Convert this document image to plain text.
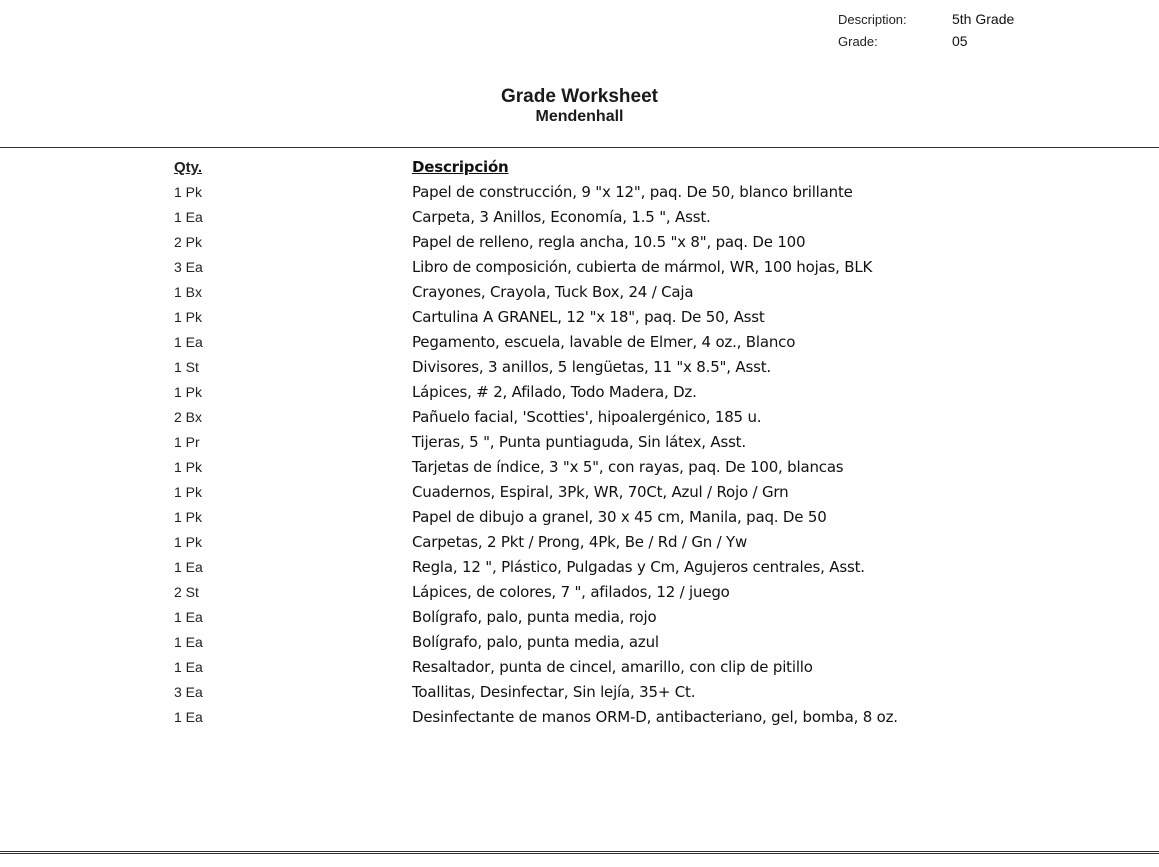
Description:	5th Grade
Grade:	05
Grade Worksheet
Mendenhall
Qty.	Descripción
1 Pk	Papel de construcción, 9 "x 12", paq. De 50, blanco brillante
1 Ea	Carpeta, 3 Anillos, Economía, 1.5 ", Asst.
2 Pk	Papel de relleno, regla ancha, 10.5 "x 8", paq. De 100
3 Ea	Libro de composición, cubierta de mármol, WR, 100 hojas, BLK
1 Bx	Crayones, Crayola, Tuck Box, 24 / Caja
1 Pk	Cartulina A GRANEL, 12 "x 18", paq. De 50, Asst
1 Ea	Pegamento, escuela, lavable de Elmer, 4 oz., Blanco
1 St	Divisores, 3 anillos, 5 lengüetas, 11 "x 8.5", Asst.
1 Pk	Lápices, # 2, Afilado, Todo Madera, Dz.
2 Bx	Pañuelo facial, 'Scotties', hipoalergénico, 185 u.
1 Pr	Tijeras, 5 ", Punta puntiaguda, Sin látex, Asst.
1 Pk	Tarjetas de índice, 3 "x 5", con rayas, paq. De 100, blancas
1 Pk	Cuadernos, Espiral, 3Pk, WR, 70Ct, Azul / Rojo / Grn
1 Pk	Papel de dibujo a granel, 30 x 45 cm, Manila, paq. De 50
1 Pk	Carpetas, 2 Pkt / Prong, 4Pk, Be / Rd / Gn / Yw
1 Ea	Regla, 12 ", Plástico, Pulgadas y Cm, Agujeros centrales, Asst.
2 St	Lápices, de colores, 7 ", afilados, 12 / juego
1 Ea	Bolígrafo, palo, punta media, rojo
1 Ea	Bolígrafo, palo, punta media, azul
1 Ea	Resaltador, punta de cincel, amarillo, con clip de pitillo
3 Ea	Toallitas, Desinfectar, Sin lejía, 35+ Ct.
1 Ea	Desinfectante de manos ORM-D, antibacteriano, gel, bomba, 8 oz.
